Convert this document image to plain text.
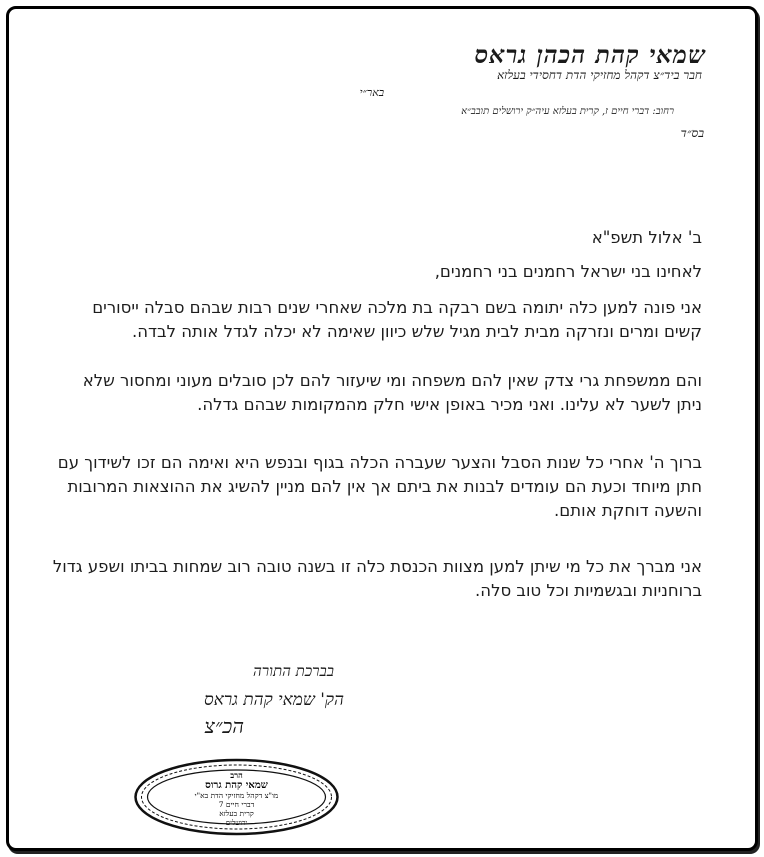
שמאי קהת הכהן גראס
חבר ביד״צ דקהל מחזיקי הדת דחסידי בעלזא
באר״י
רחוב: דברי חיים ז, קרית בעלזא עיה״ק ירושלים תובב״א
בס״ד
ב' אלול תשפ"א
לאחינו בני ישראל רחמנים בני רחמנים,
אני פונה למען כלה יתומה בשם רבקה בת מלכה שאחרי שנים רבות שבהם סבלה ייסורים קשים ומרים ונזרקה מבית לבית מגיל שלש כיוון שאימה לא יכלה לגדל אותה לבדה.
והם ממשפחת גרי צדק שאין להם משפחה ומי שיעזור להם לכן סובלים מעוני ומחסור שלא ניתן לשער לא עלינו. ואני מכיר באופן אישי חלק מהמקומות שבהם גדלה.
ברוך ה' אחרי כל שנות הסבל והצער שעברה הכלה בגוף ובנפש היא ואימה הם זכו לשידוך עם חתן מיוחד וכעת הם עומדים לבנות את ביתם אך אין להם מניין להשיג את ההוצאות המרובות והשעה דוחקת אותם.
אני מברך את כל מי שיתן למען מצוות הכנסת כלה זו בשנה טובה רוב שמחות בביתו ושפע גדול ברוחניות ובגשמיות וכל טוב סלה.
בברכת התורה
הק' שמאי קהת גראס
הכ״צ
הרב
שמאי קהת גרוס
מו"צ דקהל מחזיקי הדת בא"י
דברי חיים 7
קרית בעלזא
ירושלים
